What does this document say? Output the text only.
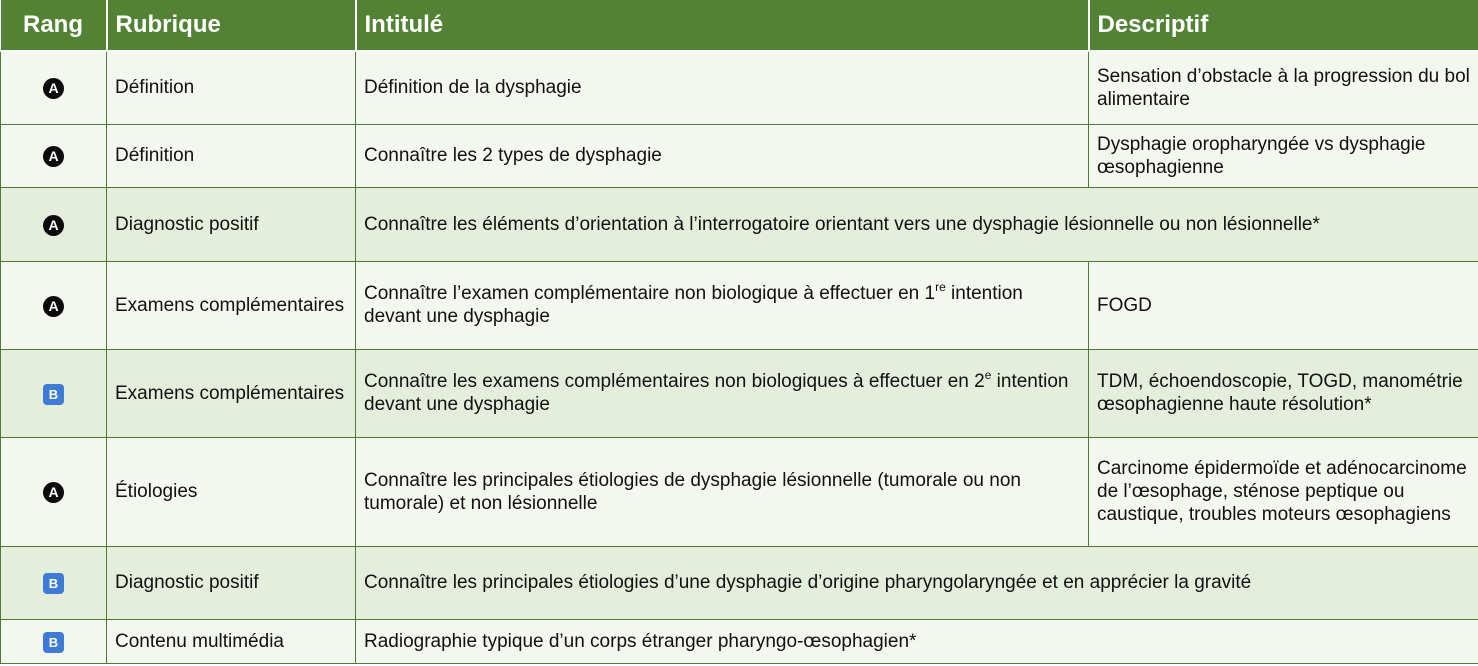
Rang	Rubrique	Intitulé	Descriptif
A	Définition	Définition de la dysphagie	Sensation d’obstacle à la progression du bol alimentaire
A	Définition	Connaître les 2 types de dysphagie	Dysphagie oropharyngée vs dysphagie œsophagienne
A	Diagnostic positif	Connaître les éléments d’orientation à l’interrogatoire orientant vers une dysphagie lésionnelle ou non lésionnelle*	
A	Examens complémentaires	Connaître l’examen complémentaire non biologique à effectuer en 1re intention devant une dysphagie	FOGD
B	Examens complémentaires	Connaître les examens complémentaires non biologiques à effectuer en 2e intention devant une dysphagie	TDM, échoendoscopie, TOGD, manométrie œsophagienne haute résolution*
A	Étiologies	Connaître les principales étiologies de dysphagie lésionnelle (tumorale ou non tumorale) et non lésionnelle	Carcinome épidermoïde et adénocarcinome de l’œsophage, sténose peptique ou caustique, troubles moteurs œsophagiens
B	Diagnostic positif	Connaître les principales étiologies d’une dysphagie d’origine pharyngolaryngée et en apprécier la gravité	
B	Contenu multimédia	Radiographie typique d’un corps étranger pharyngo-œsophagien*	
